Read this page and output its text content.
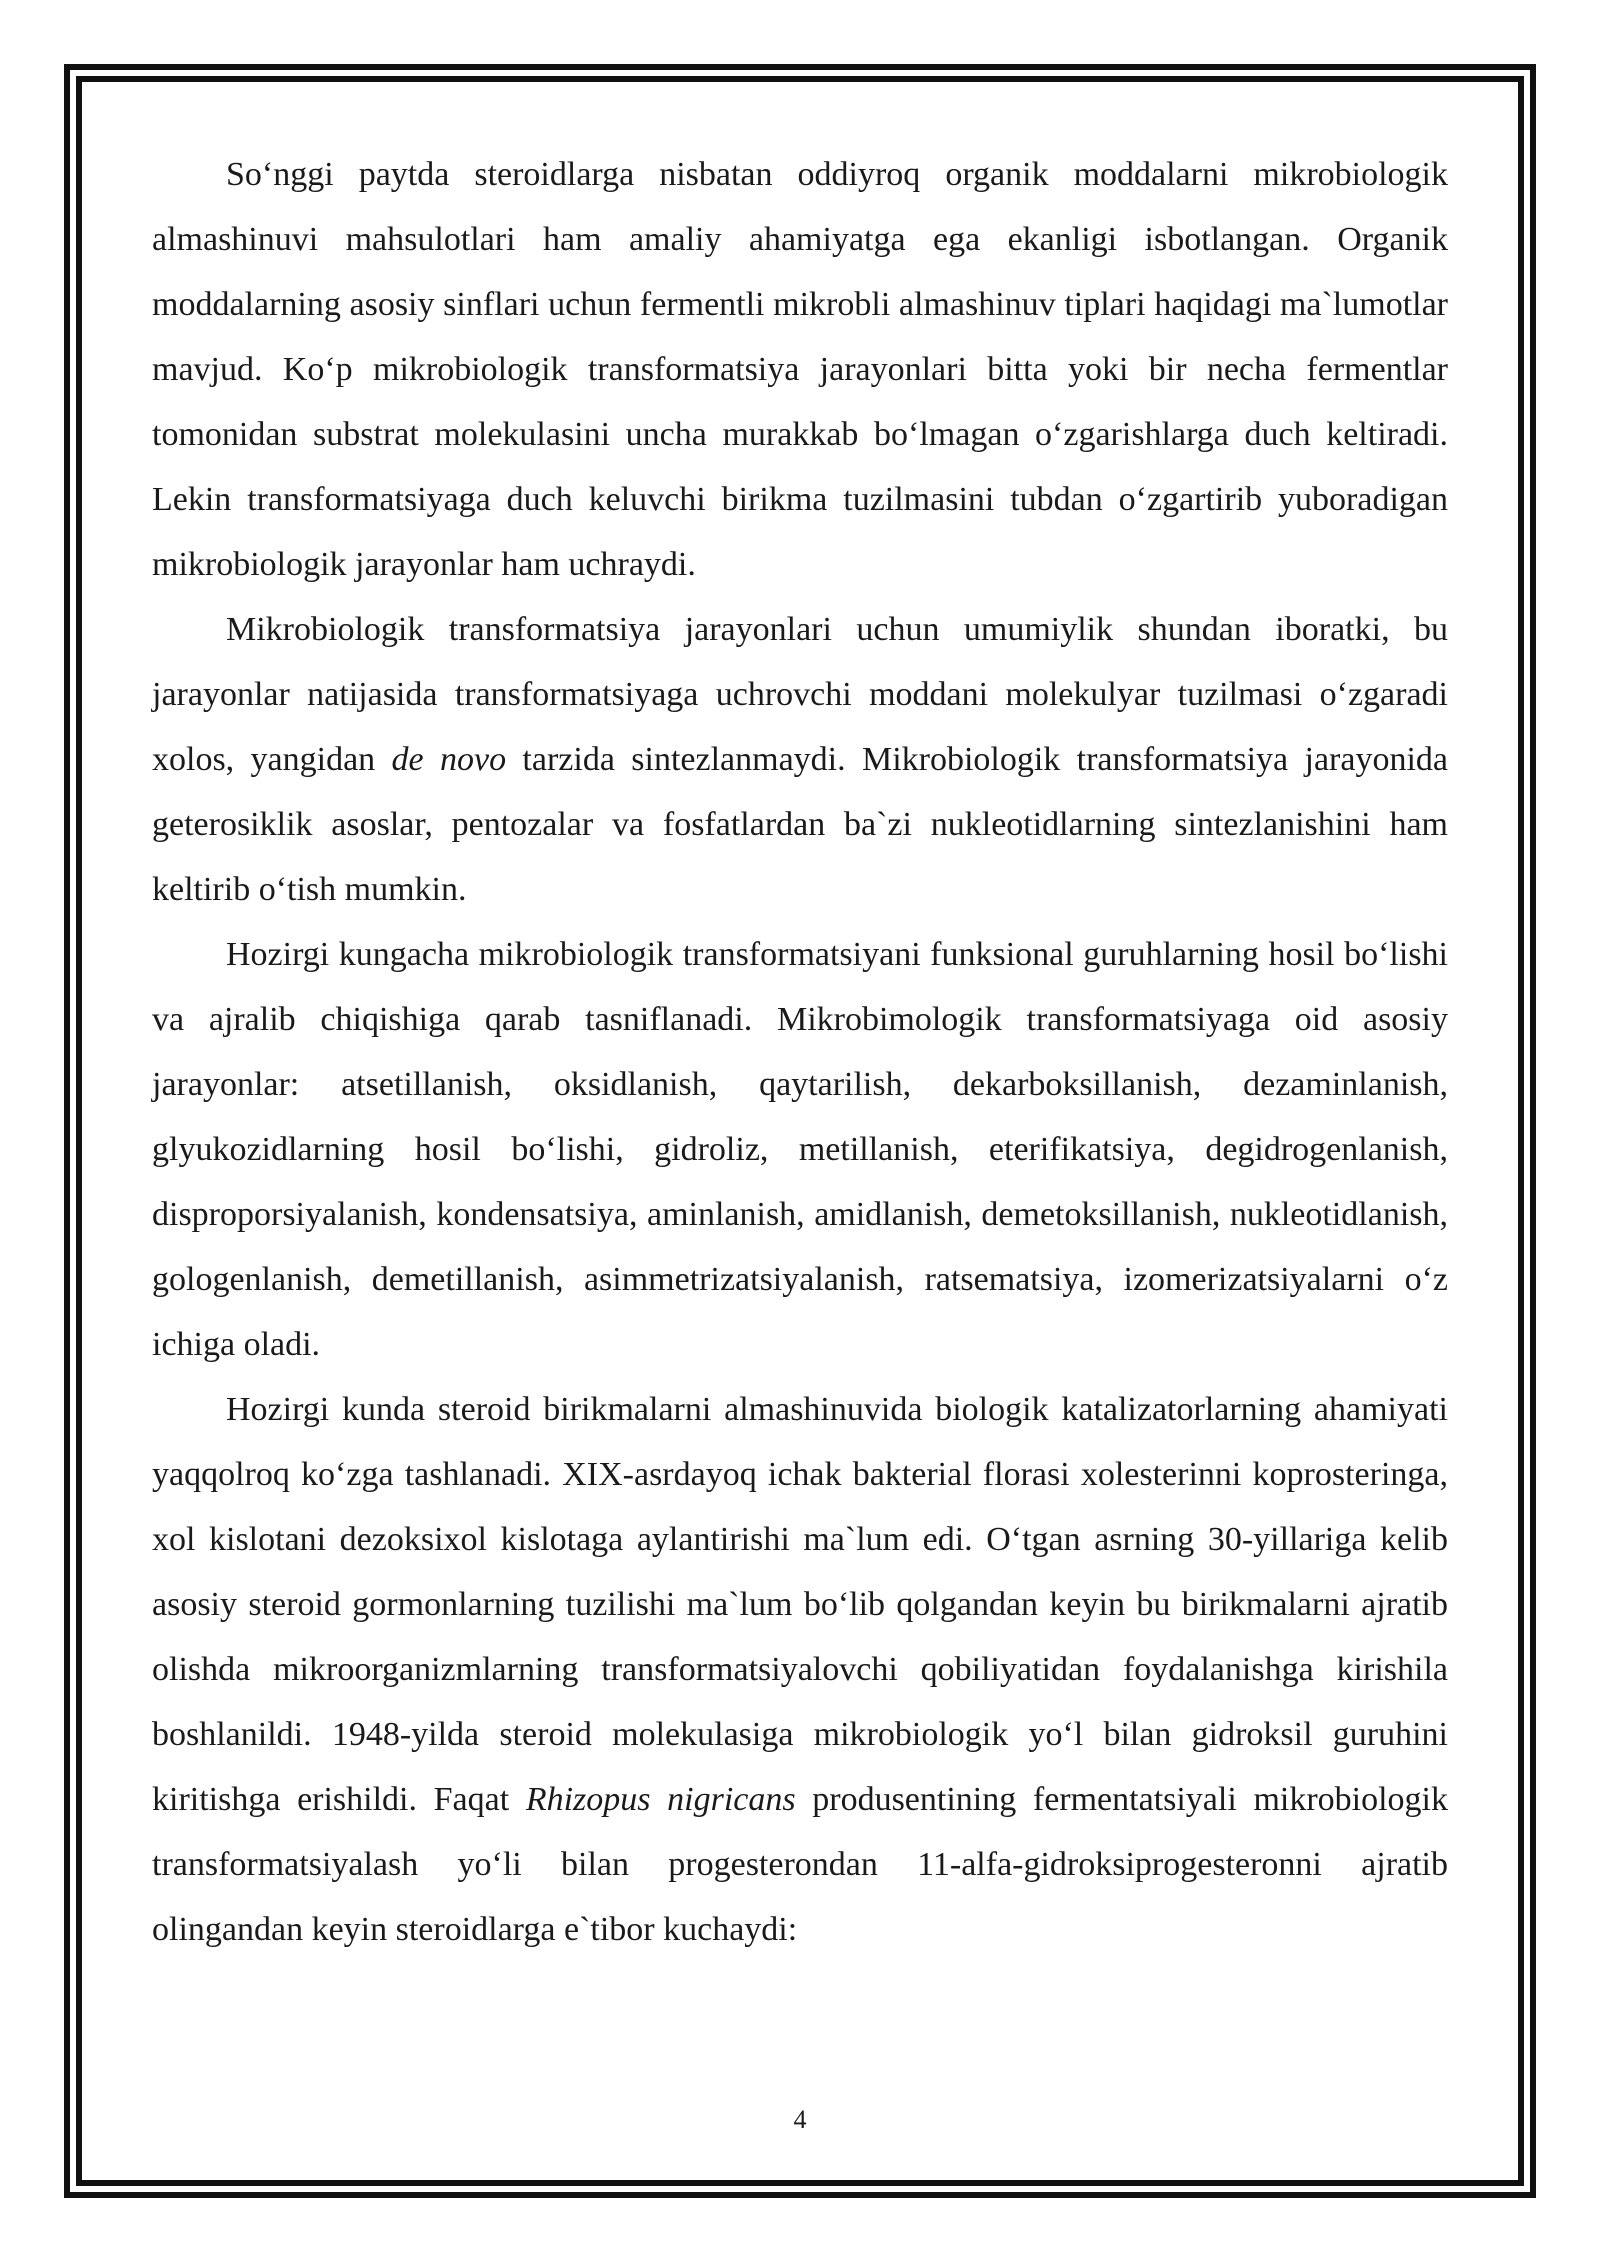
So‘nggi paytda steroidlarga nisbatan oddiyroq organik moddalarni mikrobiologik almashinuvi mahsulotlari ham amaliy ahamiyatga ega ekanligi isbotlangan. Organik moddalarning asosiy sinflari uchun fermentli mikrobli almashinuv tiplari haqidagi ma`lumotlar mavjud. Ko‘p mikrobiologik transformatsiya jarayonlari bitta yoki bir necha fermentlar tomonidan substrat molekulasini uncha murakkab bo‘lmagan o‘zgarishlarga duch keltiradi. Lekin transformatsiyaga duch keluvchi birikma tuzilmasini tubdan o‘zgartirib yuboradigan mikrobiologik jarayonlar ham uchraydi.

Mikrobiologik transformatsiya jarayonlari uchun umumiylik shundan iboratki, bu jarayonlar natijasida transformatsiyaga uchrovchi moddani molekulyar tuzilmasi o‘zgaradi xolos, yangidan de novo tarzida sintezlanmaydi. Mikrobiologik transformatsiya jarayonida geterosiklik asoslar, pentozalar va fosfatlardan ba`zi nukleotidlarning sintezlanishini ham keltirib o‘tish mumkin.

Hozirgi kungacha mikrobiologik transformatsiyani funksional guruhlarning hosil bo‘lishi va ajralib chiqishiga qarab tasniflanadi. Mikrobimologik transformatsiyaga oid asosiy jarayonlar: atsetillanish, oksidlanish, qaytarilish, dekarboksillanish, dezaminlanish, glyukozidlarning hosil bo‘lishi, gidroliz, metillanish, eterifikatsiya, degidrogenlanish, disproporsiyalanish, kondensatsiya, aminlanish, amidlanish, demetoksillanish, nukleotidlanish, gologenlanish, demetillanish, asimmetrizatsiyalanish, ratsematsiya, izomerizatsiyalarni o‘z ichiga oladi.

Hozirgi kunda steroid birikmalarni almashinuvida biologik katalizatorlarning ahamiyati yaqqolroq ko‘zga tashlanadi. XIX-asrdayoq ichak bakterial florasi xolesterinni koprosteringa, xol kislotani dezoksixol kislotaga aylantirishi ma`lum edi. O‘tgan asrning 30-yillariga kelib asosiy steroid gormonlarning tuzilishi ma`lum bo‘lib qolgandan keyin bu birikmalarni ajratib olishda mikroorganizmlarning transformatsiyalovchi qobiliyatidan foydalanishga kirishila boshlanildi. 1948-yilda steroid molekulasiga mikrobiologik yo‘l bilan gidroksil guruhini kiritishga erishildi. Faqat Rhizopus nigricans produsentining fermentatsiyali mikrobiologik transformatsiyalash yo‘li bilan progesterondan 11-alfa-gidroksiprogesteronni ajratib olingandan keyin steroidlarga e`tibor kuchaydi:

4
